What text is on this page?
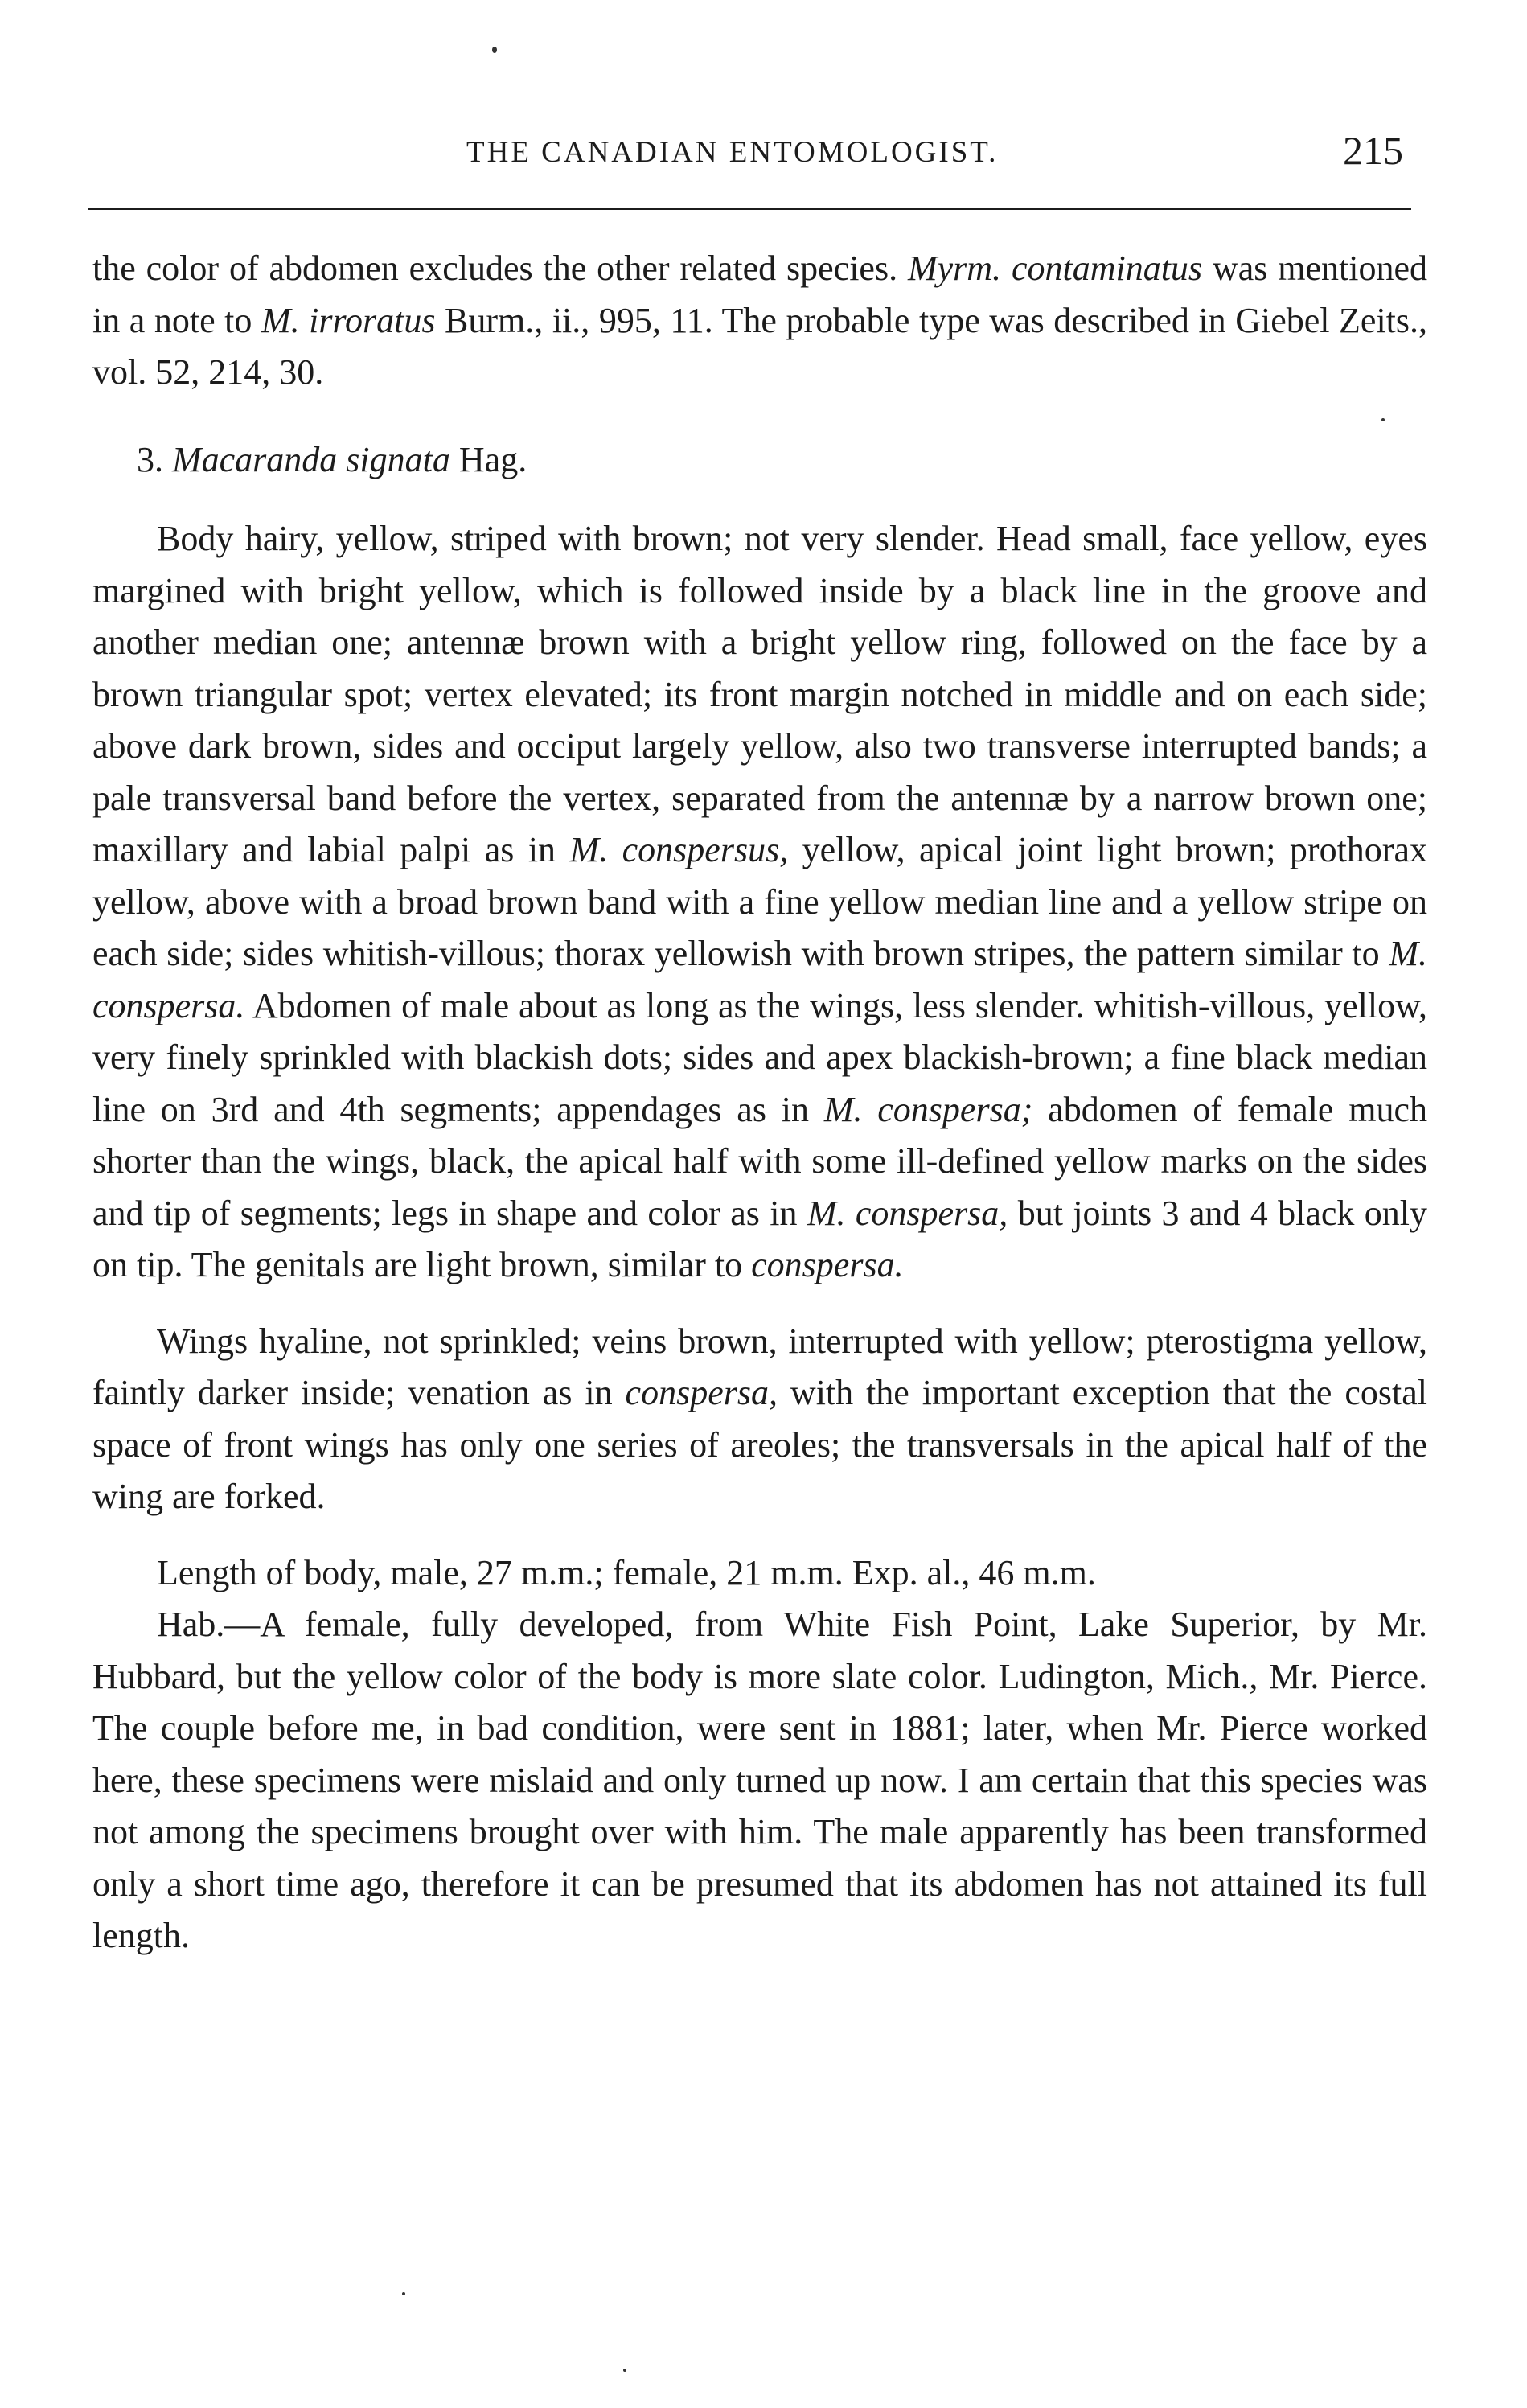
THE CANADIAN ENTOMOLOGIST.	215

the color of abdomen excludes the other related species. Myrm. contaminatus was mentioned in a note to M. irroratus Burm., ii., 995, 11. The probable type was described in Giebel Zeits., vol. 52, 214, 30.

3. Macaranda signata Hag.

Body hairy, yellow, striped with brown; not very slender. Head small, face yellow, eyes margined with bright yellow, which is followed inside by a black line in the groove and another median one; antennæ brown with a bright yellow ring, followed on the face by a brown triangular spot; vertex elevated; its front margin notched in middle and on each side; above dark brown, sides and occiput largely yellow, also two transverse interrupted bands; a pale transversal band before the vertex, separated from the antennæ by a narrow brown one; maxillary and labial palpi as in M. conspersus, yellow, apical joint light brown; prothorax yellow, above with a broad brown band with a fine yellow median line and a yellow stripe on each side; sides whitish-villous; thorax yellowish with brown stripes, the pattern similar to M. conspersa. Abdomen of male about as long as the wings, less slender. whitish-villous, yellow, very finely sprinkled with blackish dots; sides and apex blackish-brown; a fine black median line on 3rd and 4th segments; appendages as in M. conspersa; abdomen of female much shorter than the wings, black, the apical half with some ill-defined yellow marks on the sides and tip of segments; legs in shape and color as in M. conspersa, but joints 3 and 4 black only on tip. The genitals are light brown, similar to conspersa.

Wings hyaline, not sprinkled; veins brown, interrupted with yellow; pterostigma yellow, faintly darker inside; venation as in conspersa, with the important exception that the costal space of front wings has only one series of areoles; the transversals in the apical half of the wing are forked.

Length of body, male, 27 m.m.; female, 21 m.m. Exp. al., 46 m.m.

Hab.—A female, fully developed, from White Fish Point, Lake Superior, by Mr. Hubbard, but the yellow color of the body is more slate color. Ludington, Mich., Mr. Pierce. The couple before me, in bad condition, were sent in 1881; later, when Mr. Pierce worked here, these specimens were mislaid and only turned up now. I am certain that this species was not among the specimens brought over with him. The male apparently has been transformed only a short time ago, therefore it can be presumed that its abdomen has not attained its full length.
